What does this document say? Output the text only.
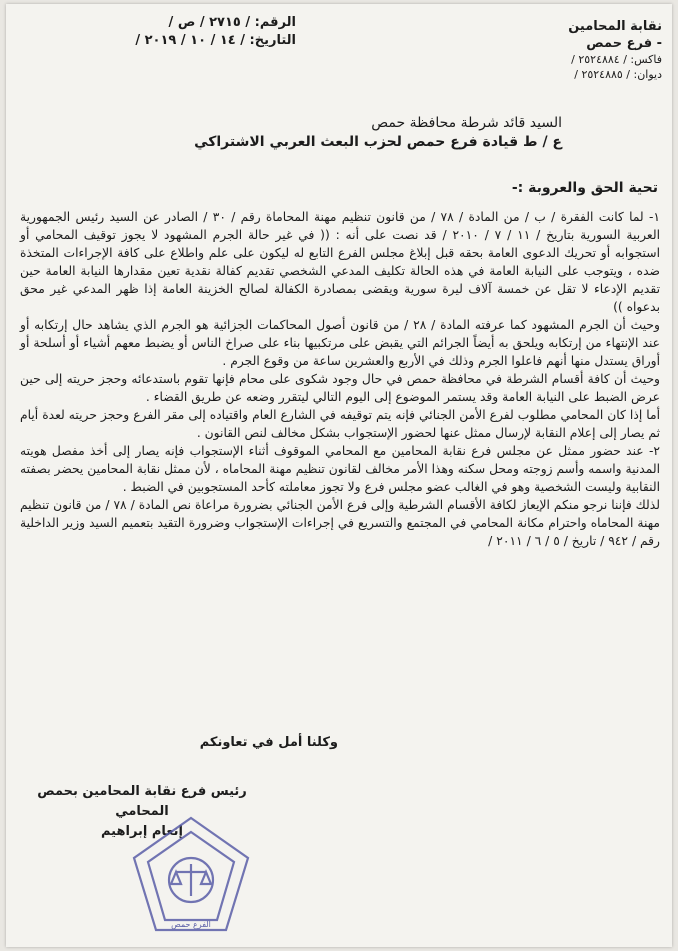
نقابة المحامين
- فرع حمص
فاكس: / ٢٥٢٤٨٨٤ /
ديوان: / ٢٥٢٤٨٨٥ /
الرقم: / ٢٧١٥ / ص /
التاريخ: / ١٤ / ١٠ / ٢٠١٩ /
السيد قائد شرطة محافظة حمص
ع / ط قيادة فرع حمص لحزب البعث العربي الاشتراكي
تحية الحق والعروبة :-

١- لما كانت الفقرة / ب / من المادة / ٧٨ / من قانون تنظيم مهنة المحاماة رقم / ٣٠ / الصادر عن السيد رئيس الجمهورية العربية السورية بتاريخ / ١١ / ٧ / ٢٠١٠ / قد نصت على أنه : (( في غير حالة الجرم المشهود لا يجوز توقيف المحامي أو استجوابه أو تحريك الدعوى العامة بحقه قبل إبلاغ مجلس الفرع التابع له ليكون على علم واطلاع على كافة الإجراءات المتخذة ضده ، ويتوجب على النيابة العامة في هذه الحالة تكليف المدعي الشخصي تقديم كفالة نقدية تعين مقدارها النيابة العامة حين تقديم الإدعاء لا تقل عن خمسة آلاف ليرة سورية ويقضى بمصادرة الكفالة لصالح الخزينة العامة إذا ظهر المدعي غير محق بدعواه ))

وحيث أن الجرم المشهود كما عرفته المادة / ٢٨ / من قانون أصول المحاكمات الجزائية هو الجرم الذي يشاهد حال إرتكابه أو عند الإنتهاء من إرتكابه ويلحق به أيضاً الجرائم التي يقبض على مرتكبيها بناء على صراخ الناس أو يضبط معهم أشياء أو أسلحة أو أوراق يستدل منها أنهم فاعلوا الجرم وذلك في الأربع والعشرين ساعة من وقوع الجرم .

وحيث أن كافة أقسام الشرطة في محافظة حمص في حال وجود شكوى على محام فإنها تقوم باستدعائه وحجز حريته إلى حين عرض الضبط على النيابة العامة وقد يستمر الموضوع إلى اليوم التالي ليتقرر وضعه عن طريق القضاء .

أما إذا كان المحامي مطلوب لفرع الأمن الجنائي فإنه يتم توقيفه في الشارع العام واقتياده إلى مقر الفرع وحجز حريته لعدة أيام ثم يصار إلى إعلام النقابة لإرسال ممثل عنها لحضور الإستجواب بشكل مخالف لنص القانون .

٢- عند حضور ممثل عن مجلس فرع نقابة المحامين مع المحامي الموقوف أثناء الإستجواب فإنه يصار إلى أخذ مفصل هويته المدنية واسمه وأسم زوجته ومحل سكنه وهذا الأمر مخالف لقانون تنظيم مهنة المحاماه ، لأن ممثل نقابة المحامين يحضر بصفته النقابية وليست الشخصية وهو في الغالب عضو مجلس فرع ولا تجوز معاملته كأحد المستجوبين في الضبط .

لذلك فإننا نرجو منكم الإيعاز لكافة الأقسام الشرطية وإلى فرع الأمن الجنائي بضرورة مراعاة نص المادة / ٧٨ / من قانون تنظيم مهنة المحاماه واحترام مكانة المحامي في المجتمع والتسريع في إجراءات الإستجواب وضرورة التقيد بتعميم السيد وزير الداخلية رقم / ٩٤٢ / تاريخ / ٥ / ٦ / ٢٠١١ /

وكلنا أمل في تعاونكم
رئيس فرع نقابة المحامين بحمص
المحامي
إنعام إبراهيم
الفرع حمص
